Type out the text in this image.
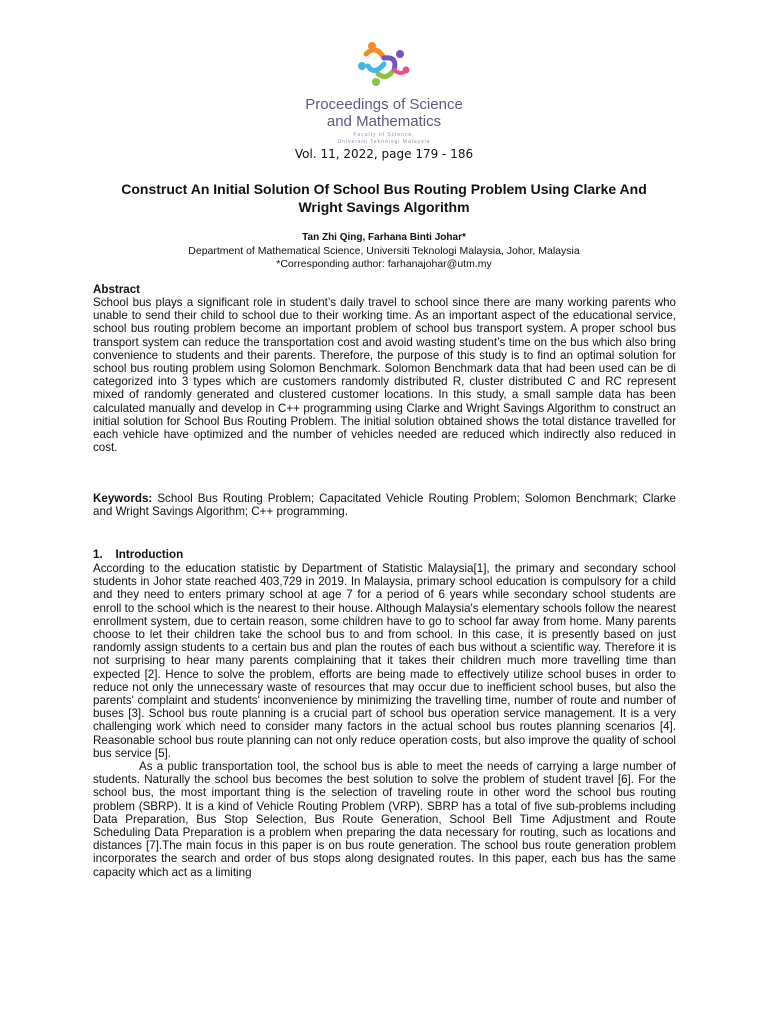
Proceedings of Science
and Mathematics
Faculty of Science,
Universiti Teknologi Malaysia
Vol. 11, 2022, page 179 - 186
Construct An Initial Solution Of School Bus Routing Problem Using Clarke And Wright Savings Algorithm
Tan Zhi Qing, Farhana Binti Johar*
Department of Mathematical Science, Universiti Teknologi Malaysia, Johor, Malaysia
*Corresponding author: farhanajohar@utm.my
Abstract
School bus plays a significant role in student’s daily travel to school since there are many working parents who unable to send their child to school due to their working time. As an important aspect of the educational service, school bus routing problem become an important problem of school bus transport system. A proper school bus transport system can reduce the transportation cost and avoid wasting student’s time on the bus which also bring convenience to students and their parents. Therefore, the purpose of this study is to find an optimal solution for school bus routing problem using Solomon Benchmark. Solomon Benchmark data that had been used can be di categorized into 3 types which are customers randomly distributed R, cluster distributed C and RC represent mixed of randomly generated and clustered customer locations. In this study, a small sample data has been calculated manually and develop in C++ programming using Clarke and Wright Savings Algorithm to construct an initial solution for School Bus Routing Problem. The initial solution obtained shows the total distance travelled for each vehicle have optimized and the number of vehicles needed are reduced which indirectly also reduced in cost.
Keywords: School Bus Routing Problem; Capacitated Vehicle Routing Problem; Solomon Benchmark; Clarke and Wright Savings Algorithm; C++ programming.
1.    Introduction

According to the education statistic by Department of Statistic Malaysia[1], the primary and secondary school students in Johor state reached 403,729 in 2019. In Malaysia, primary school education is compulsory for a child and they need to enters primary school at age 7 for a period of 6 years while secondary school students are enroll to the school which is the nearest to their house. Although Malaysia's elementary schools follow the nearest enrollment system, due to certain reason, some children have to go to school far away from home. Many parents choose to let their children take the school bus to and from school. In this case, it is presently based on just randomly assign students to a certain bus and plan the routes of each bus without a scientific way. Therefore it is not surprising to hear many parents complaining that it takes their children much more travelling time than expected [2]. Hence to solve the problem, efforts are being made to effectively utilize school buses in order to reduce not only the unnecessary waste of resources that may occur due to inefficient school buses, but also the parents' complaint and students' inconvenience by minimizing the travelling time, number of route and number of buses [3]. School bus route planning is a crucial part of school bus operation service management. It is a very challenging work which need to consider many factors in the actual school bus routes planning scenarios [4]. Reasonable school bus route planning can not only reduce operation costs, but also improve the quality of school bus service [5].

As a public transportation tool, the school bus is able to meet the needs of carrying a large number of students. Naturally the school bus becomes the best solution to solve the problem of student travel [6]. For the school bus, the most important thing is the selection of traveling route in other word the school bus routing problem (SBRP). It is a kind of Vehicle Routing Problem (VRP). SBRP has a total of five sub-problems including Data Preparation, Bus Stop Selection, Bus Route Generation, School Bell Time Adjustment and Route Scheduling Data Preparation is a problem when preparing the data necessary for routing, such as locations and distances [7].The main focus in this paper is on bus route generation. The school bus route generation problem incorporates the search and order of bus stops along designated routes. In this paper, each bus has the same capacity which act as a limiting
